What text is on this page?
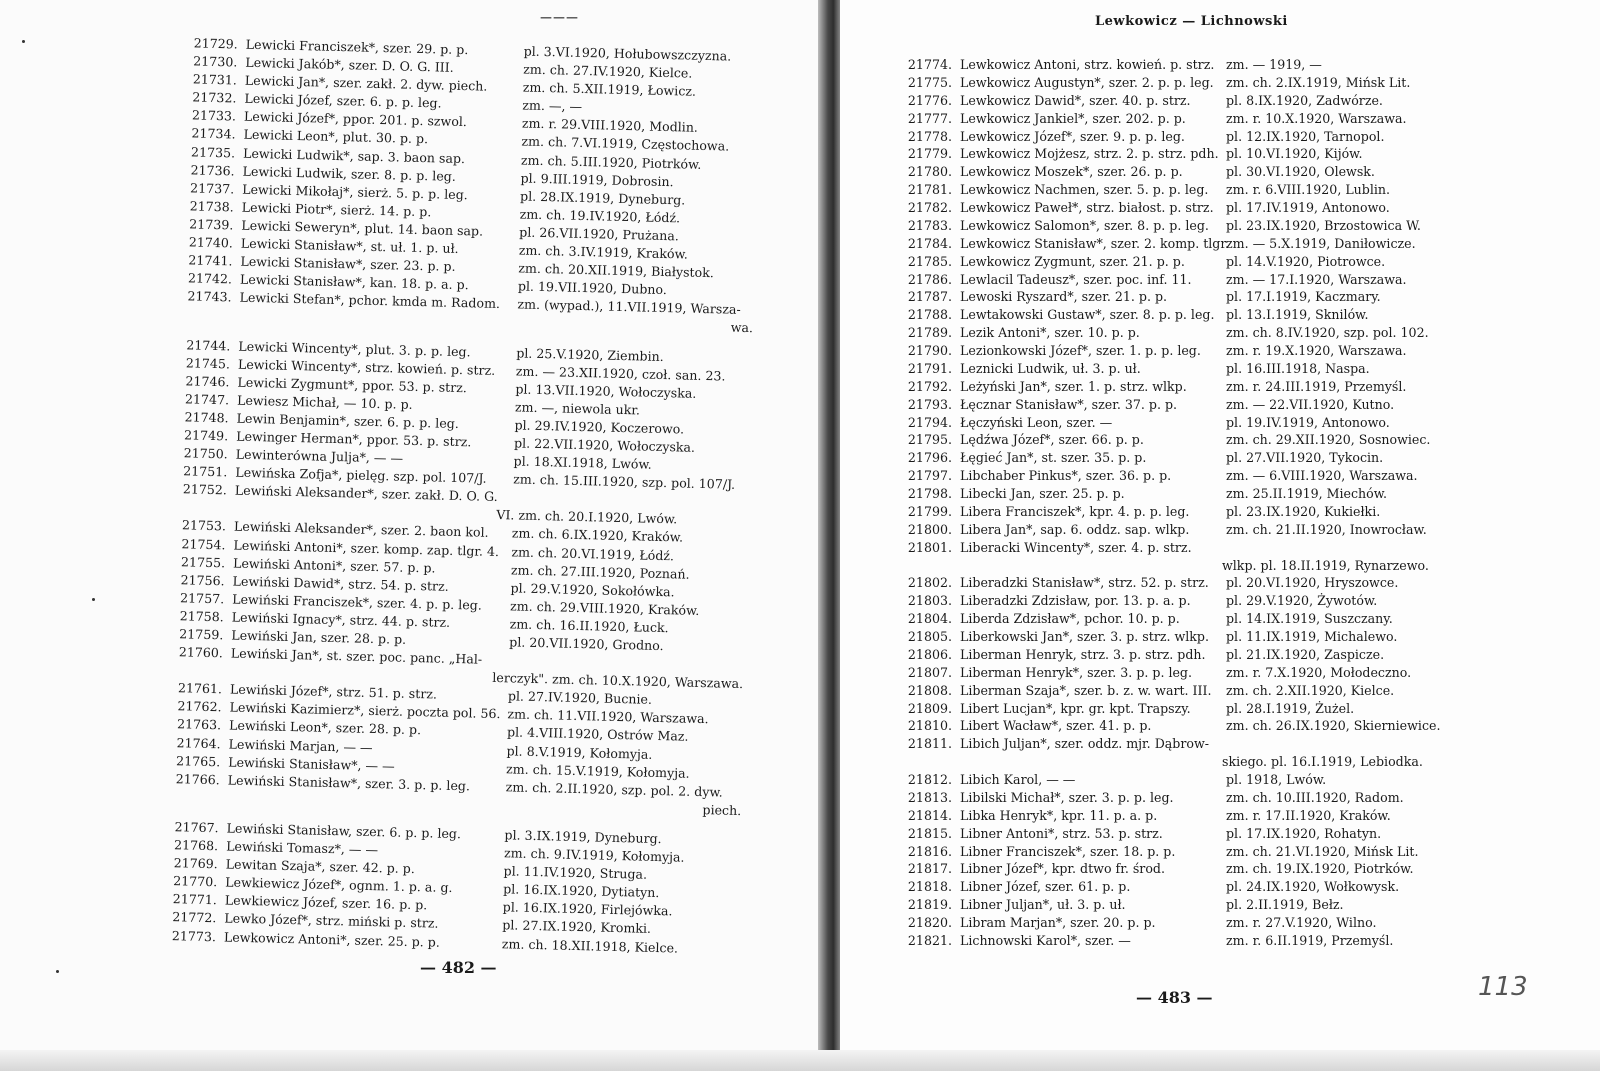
———
21729. Lewicki Franciszek*, szer. 29. p. p.	pl. 3.VI.1920, Hołubowszczyzna.
21730. Lewicki Jakób*, szer. D. O. G. III.	zm. ch. 27.IV.1920, Kielce.
21731. Lewicki Jan*, szer. zakł. 2. dyw. piech.	zm. ch. 5.XII.1919, Łowicz.
21732. Lewicki Józef, szer. 6. p. p. leg.	zm. —, —
21733. Lewicki Józef*, ppor. 201. p. szwol.	zm. r. 29.VIII.1920, Modlin.
21734. Lewicki Leon*, plut. 30. p. p.	zm. ch. 7.VI.1919, Częstochowa.
21735. Lewicki Ludwik*, sap. 3. baon sap.	zm. ch. 5.III.1920, Piotrków.
21736. Lewicki Ludwik, szer. 8. p. p. leg.	pl. 9.III.1919, Dobrosin.
21737. Lewicki Mikołaj*, sierż. 5. p. p. leg.	pl. 28.IX.1919, Dyneburg.
21738. Lewicki Piotr*, sierż. 14. p. p.	zm. ch. 19.IV.1920, Łódź.
21739. Lewicki Seweryn*, plut. 14. baon sap.	pl. 26.VII.1920, Prużana.
21740. Lewicki Stanisław*, st. uł. 1. p. uł.	zm. ch. 3.IV.1919, Kraków.
21741. Lewicki Stanisław*, szer. 23. p. p.	zm. ch. 20.XII.1919, Białystok.
21742. Lewicki Stanisław*, kan. 18. p. a. p.	pl. 19.VII.1920, Dubno.
21743. Lewicki Stefan*, pchor. kmda m. Radom. zm. (wypad.), 11.VII.1919, Warsza-
wa.
21744. Lewicki Wincenty*, plut. 3. p. p. leg.	pl. 25.V.1920, Ziembin.
21745. Lewicki Wincenty*, strz. kowień. p. strz. zm. — 23.XII.1920, czoł. san. 23.
21746. Lewicki Zygmunt*, ppor. 53. p. strz.	pl. 13.VII.1920, Wołoczyska.
21747. Lewiesz Michał, — 10. p. p.	zm. —, niewola ukr.
21748. Lewin Benjamin*, szer. 6. p. p. leg.	pl. 29.IV.1920, Koczerowo.
21749. Lewinger Herman*, ppor. 53. p. strz.	pl. 22.VII.1920, Wołoczyska.
21750. Lewinterówna Julja*, — —	pl. 18.XI.1918, Lwów.
21751. Lewińska Zofja*, pielęg. szp. pol. 107/J. zm. ch. 15.III.1920, szp. pol. 107/J.
21752. Lewiński Aleksander*, szer. zakł. D. O. G.
VI. zm. ch. 20.I.1920, Lwów.
21753. Lewiński Aleksander*, szer. 2. baon kol. zm. ch. 6.IX.1920, Kraków.
21754. Lewiński Antoni*, szer. komp. zap. tlgr. 4. zm. ch. 20.VI.1919, Łódź.
21755. Lewiński Antoni*, szer. 57. p. p.	zm. ch. 27.III.1920, Poznań.
21756. Lewiński Dawid*, strz. 54. p. strz.	pl. 29.V.1920, Sokołówka.
21757. Lewiński Franciszek*, szer. 4. p. p. leg. zm. ch. 29.VIII.1920, Kraków.
21758. Lewiński Ignacy*, strz. 44. p. strz.	zm. ch. 16.II.1920, Łuck.
21759. Lewiński Jan, szer. 28. p. p.	pl. 20.VII.1920, Grodno.
21760. Lewiński Jan*, st. szer. poc. panc. „Hal-
lerczyk". zm. ch. 10.X.1920, Warszawa.
21761. Lewiński Józef*, strz. 51. p. strz.	pl. 27.IV.1920, Bucnie.
21762. Lewiński Kazimierz*, sierż. poczta pol. 56. zm. ch. 11.VII.1920, Warszawa.
21763. Lewiński Leon*, szer. 28. p. p.	pl. 4.VIII.1920, Ostrów Maz.
21764. Lewiński Marjan, — —	pl. 8.V.1919, Kołomyja.
21765. Lewiński Stanisław*, — —	zm. ch. 15.V.1919, Kołomyja.
21766. Lewiński Stanisław*, szer. 3. p. p. leg.	zm. ch. 2.II.1920, szp. pol. 2. dyw.
piech.
21767. Lewiński Stanisław, szer. 6. p. p. leg.	pl. 3.IX.1919, Dyneburg.
21768. Lewiński Tomasz*, — —	zm. ch. 9.IV.1919, Kołomyja.
21769. Lewitan Szaja*, szer. 42. p. p.	pl. 11.IV.1920, Struga.
21770. Lewkiewicz Józef*, ognm. 1. p. a. g.	pl. 16.IX.1920, Dytiatyn.
21771. Lewkiewicz Józef, szer. 16. p. p.	pl. 16.IX.1920, Firlejówka.
21772. Lewko Józef*, strz. miński p. strz.	pl. 27.IX.1920, Kromki.
21773. Lewkowicz Antoni*, szer. 25. p. p.	zm. ch. 18.XII.1918, Kielce.
— 482 —
21774. Lewkowicz Antoni, strz. kowień. p. strz. zm. — 1919, —
21775. Lewkowicz Augustyn*, szer. 2. p. p. leg. zm. ch. 2.IX.1919, Mińsk Lit.
21776. Lewkowicz Dawid*, szer. 40. p. strz.	pl. 8.IX.1920, Zadwórze.
21777. Lewkowicz Jankiel*, szer. 202. p. p.	zm. r. 10.X.1920, Warszawa.
21778. Lewkowicz Józef*, szer. 9. p. p. leg.	pl. 12.IX.1920, Tarnopol.
21779. Lewkowicz Mojżesz, strz. 2. p. strz. pdh. pl. 10.VI.1920, Kijów.
21780. Lewkowicz Moszek*, szer. 26. p. p.	pl. 30.VI.1920, Olewsk.
21781. Lewkowicz Nachmen, szer. 5. p. p. leg. zm. r. 6.VIII.1920, Lublin.
21782. Lewkowicz Paweł*, strz. białost. p. strz. pl. 17.IV.1919, Antonowo.
21783. Lewkowicz Salomon*, szer. 8. p. p. leg. pl. 23.IX.1920, Brzostowica W.
21784. Lewkowicz Stanisław*, szer. 2. komp. tlgr.
zm. — 5.X.1919, Daniłowicze.
21785. Lewkowicz Zygmunt, szer. 21. p. p.	pl. 14.V.1920, Piotrowce.
21786. Lewlacil Tadeusz*, szer. poc. inf. 11.	zm. — 17.I.1920, Warszawa.
21787. Lewoski Ryszard*, szer. 21. p. p.	pl. 17.I.1919, Kaczmary.
21788. Lewtakowski Gustaw*, szer. 8. p. p. leg. pl. 13.I.1919, Sknilów.
21789. Lezik Antoni*, szer. 10. p. p.	zm. ch. 8.IV.1920, szp. pol. 102.
21790. Lezionkowski Józef*, szer. 1. p. p. leg. zm. r. 19.X.1920, Warszawa.
21791. Leznicki Ludwik, uł. 3. p. uł.	pl. 16.III.1918, Naspa.
21792. Leżyński Jan*, szer. 1. p. strz. wlkp.	zm. r. 24.III.1919, Przemyśl.
21793. Łęcznar Stanisław*, szer. 37. p. p.	zm. — 22.VII.1920, Kutno.
21794. Łęczyński Leon, szer. —	pl. 19.IV.1919, Antonowo.
21795. Lędźwa Józef*, szer. 66. p. p.	zm. ch. 29.XII.1920, Sosnowiec.
21796. Łęgieć Jan*, st. szer. 35. p. p.	pl. 27.VII.1920, Tykocin.
21797. Libchaber Pinkus*, szer. 36. p. p.	zm. — 6.VIII.1920, Warszawa.
21798. Libecki Jan, szer. 25. p. p.	zm. 25.II.1919, Miechów.
21799. Libera Franciszek*, kpr. 4. p. p. leg.	pl. 23.IX.1920, Kukiełki.
21800. Libera Jan*, sap. 6. oddz. sap. wlkp.	zm. ch. 21.II.1920, Inowrocław.
21801. Liberacki Wincenty*, szer. 4. p. strz.
wlkp. pl. 18.II.1919, Rynarzewo.
21802. Liberadzki Stanisław*, strz. 52. p. strz. pl. 20.VI.1920, Hryszowce.
21803. Liberadzki Zdzisław, por. 13. p. a. p.	pl. 29.V.1920, Żywotów.
21804. Liberda Zdzisław*, pchor. 10. p. p.	pl. 14.IX.1919, Suszczany.
21805. Liberkowski Jan*, szer. 3. p. strz. wlkp. pl. 11.IX.1919, Michalewo.
21806. Liberman Henryk, strz. 3. p. strz. pdh. pl. 21.IX.1920, Zaspicze.
21807. Liberman Henryk*, szer. 3. p. p. leg.	zm. r. 7.X.1920, Mołodeczno.
21808. Liberman Szaja*, szer. b. z. w. wart. III. zm. ch. 2.XII.1920, Kielce.
21809. Libert Lucjan*, kpr. gr. kpt. Trapszy.	pl. 28.I.1919, Żużel.
21810. Libert Wacław*, szer. 41. p. p.	zm. ch. 26.IX.1920, Skierniewice.
21811. Libich Juljan*, szer. oddz. mjr. Dąbrow-
skiego. pl. 16.I.1919, Lebiodka.
21812. Libich Karol, — —	pl. 1918, Lwów.
21813. Libilski Michał*, szer. 3. p. p. leg.	zm. ch. 10.III.1920, Radom.
21814. Libka Henryk*, kpr. 11. p. a. p.	zm. r. 17.II.1920, Kraków.
21815. Libner Antoni*, strz. 53. p. strz.	pl. 17.IX.1920, Rohatyn.
21816. Libner Franciszek*, szer. 18. p. p.	zm. ch. 21.VI.1920, Mińsk Lit.
21817. Libner Józef*, kpr. dtwo fr. środ.	zm. ch. 19.IX.1920, Piotrków.
21818. Libner Józef, szer. 61. p. p.	pl. 24.IX.1920, Wołkowysk.
21819. Libner Juljan*, uł. 3. p. uł.	pl. 2.II.1919, Bełz.
21820. Libram Marjan*, szer. 20. p. p.	zm. r. 27.V.1920, Wilno.
21821. Lichnowski Karol*, szer. —	zm. r. 6.II.1919, Przemyśl.
— 483 —	113
Lewkowicz — Lichnowski
